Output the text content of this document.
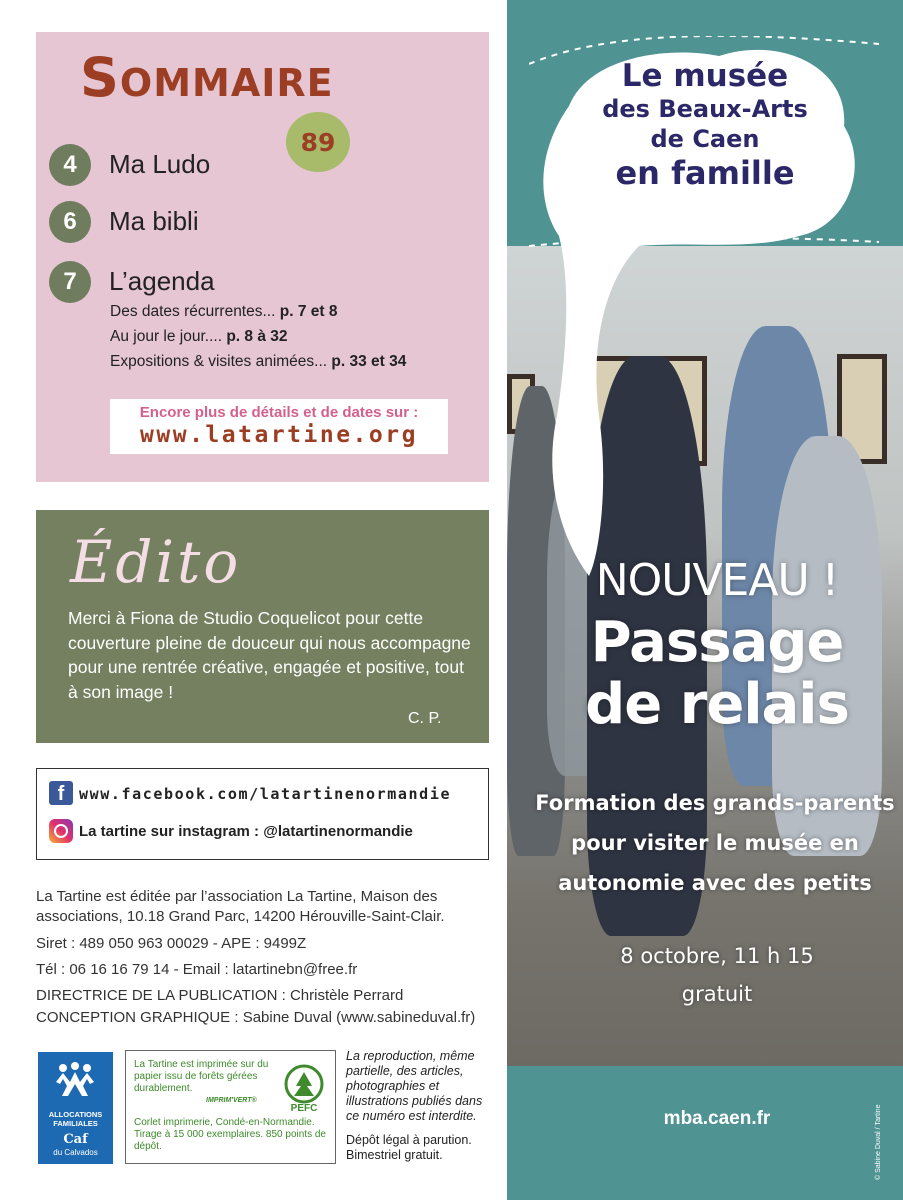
Sommaire
89
4	Ma Ludo
6	Ma bibli
7	L’agenda
Des dates récurrentes... p. 7 et 8
Au jour le jour.... p. 8 à 32
Expositions & visites animées... p. 33 et 34
Encore plus de détails et de dates sur :
www.latartine.org
Édito
Merci à Fiona de Studio Coquelicot pour cette couverture pleine de douceur qui nous accompagne pour une rentrée créative, engagée et positive, tout à son image !
C. P.
f www.facebook.com/latartinenormandie
La tartine sur instagram : @latartinenormandie
La Tartine est éditée par l’association La Tartine, Maison des
associations, 10.18 Grand Parc, 14200 Hérouville-Saint-Clair.
Siret : 489 050 963 00029 - APE : 9499Z
Tél : 06 16 16 79 14 - Email : latartinebn@free.fr
DIRECTRICE DE LA PUBLICATION : Christèle Perrard
CONCEPTION GRAPHIQUE : Sabine Duval (www.sabineduval.fr)
ALLOCATIONS
FAMILIALES
Caf
du Calvados
La Tartine est imprimée sur du papier issu de forêts gérées durablement.
IMPRIM'VERT®
PEFC
Corlet imprimerie, Condé-en-Normandie. Tirage à 15 000 exemplaires. 850 points de dépôt.
La reproduction, même partielle, des articles, photographies et illustrations publiés dans ce numéro est interdite.
Dépôt légal à parution. Bimestriel gratuit.
Le musée
des Beaux-Arts
de Caen
en famille
NOUVEAU !
Passage
de relais
Formation des grands-parents
pour visiter le musée en
autonomie avec des petits
8 octobre, 11 h 15
gratuit
mba.caen.fr	© Sabine Duval / Tartine
